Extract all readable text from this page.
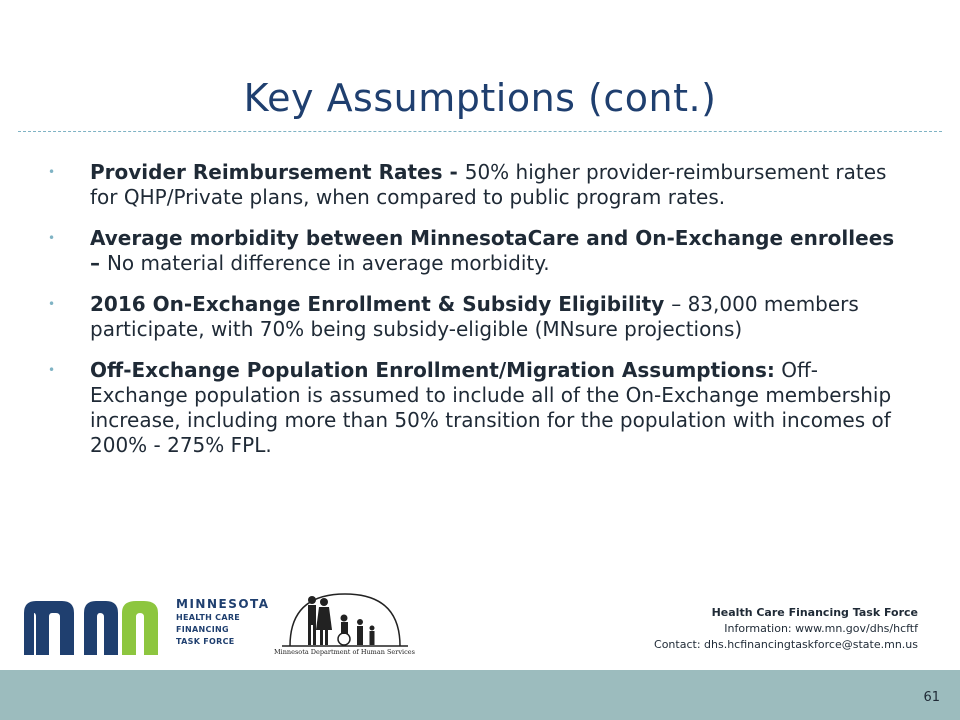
Key Assumptions (cont.)
• Provider Reimbursement Rates - 50% higher provider-reimbursement rates for QHP/Private plans, when compared to public program rates.
• Average morbidity between MinnesotaCare and On-Exchange enrollees – No material difference in average morbidity.
• 2016 On-Exchange Enrollment & Subsidy Eligibility – 83,000 members participate, with 70% being subsidy-eligible (MNsure projections)
• Off-Exchange Population Enrollment/Migration Assumptions: Off-Exchange population is assumed to include all of the On-Exchange membership increase, including more than 50% transition for the population with incomes of 200% - 275% FPL.
MINNESOTA
HEALTH CARE
FINANCING
TASK FORCE
Minnesota Department of Human Services
Health Care Financing Task Force
Information: www.mn.gov/dhs/hcftf
Contact: dhs.hcfinancingtaskforce@state.mn.us
61
